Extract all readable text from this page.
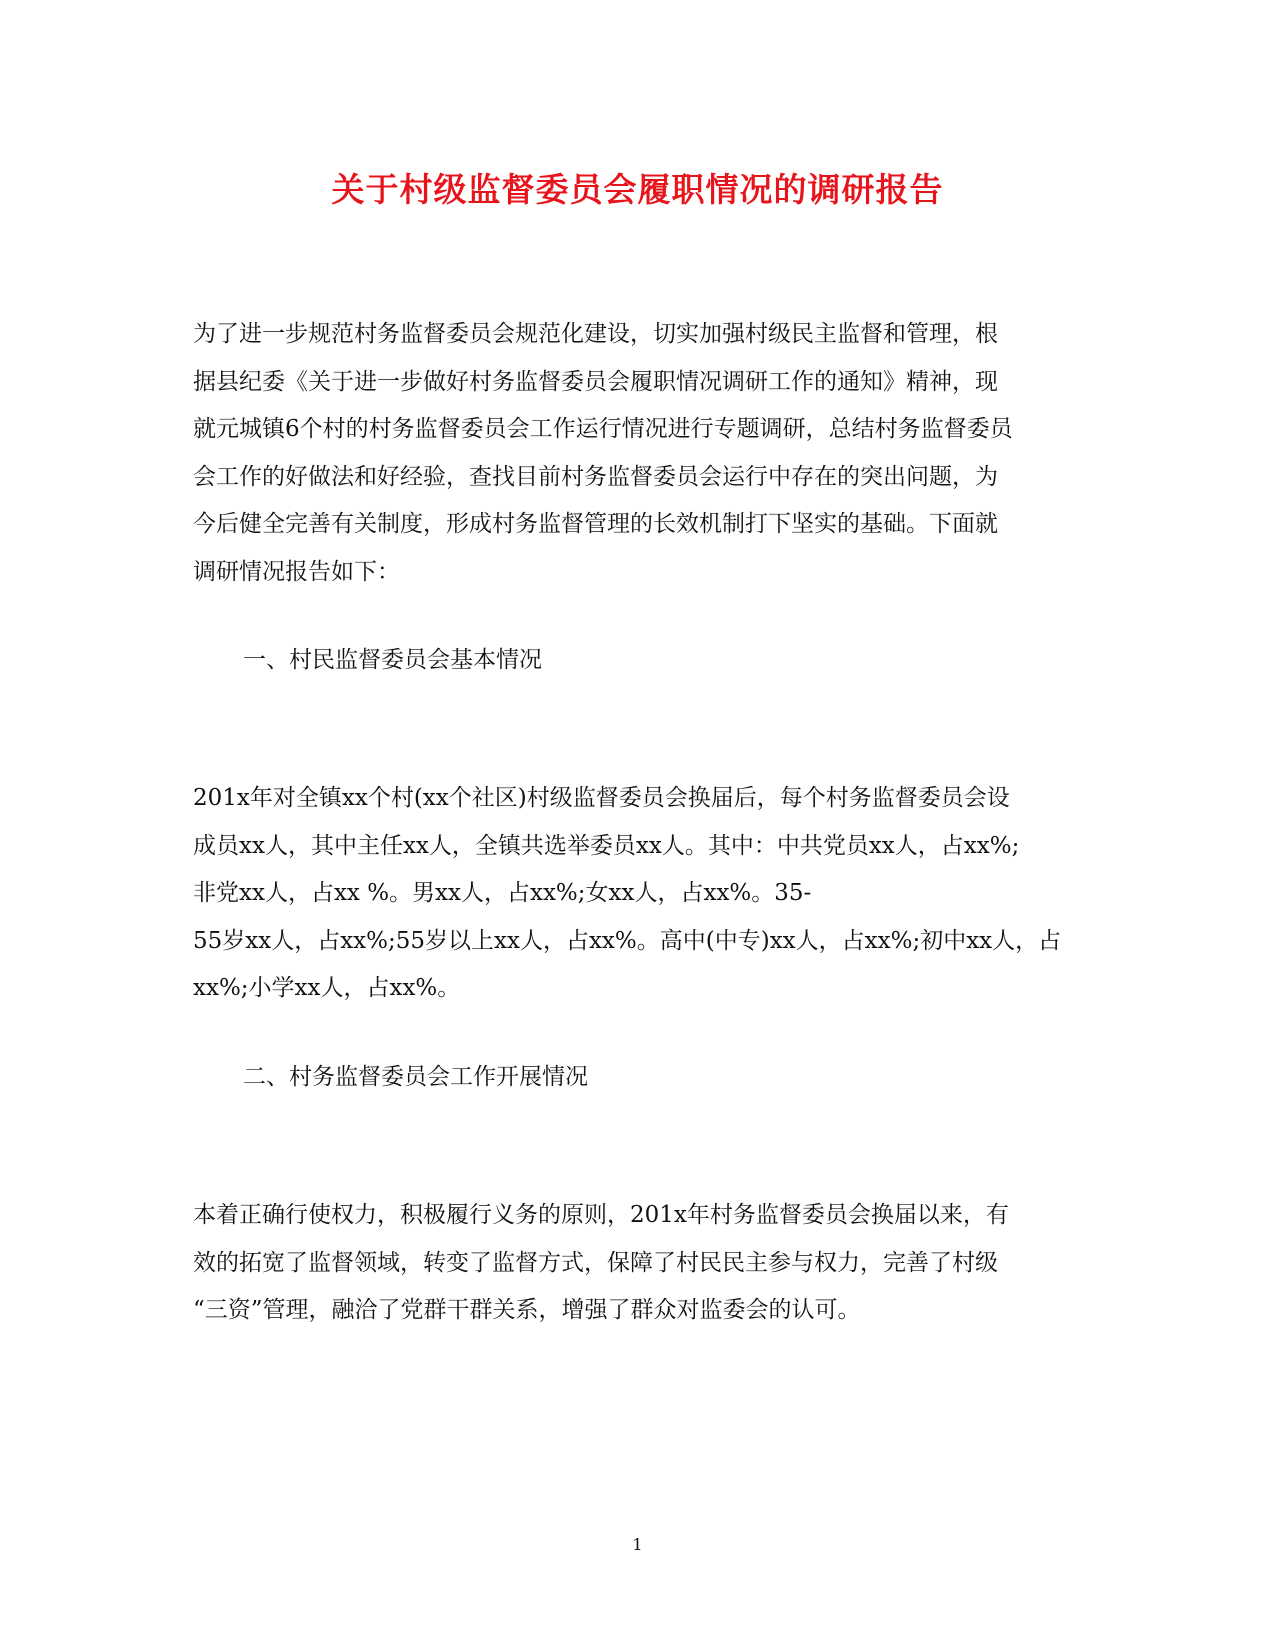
关于村级监督委员会履职情况的调研报告
为了进一步规范村务监督委员会规范化建设，切实加强村级民主监督和管理，根
据县纪委《关于进一步做好村务监督委员会履职情况调研工作的通知》精神，现
就元城镇6个村的村务监督委员会工作运行情况进行专题调研，总结村务监督委员
会工作的好做法和好经验，查找目前村务监督委员会运行中存在的突出问题，为
今后健全完善有关制度，形成村务监督管理的长效机制打下坚实的基础。下面就
调研情况报告如下：
一、村民监督委员会基本情况
201x年对全镇xx个村(xx个社区)村级监督委员会换届后，每个村务监督委员会设
成员xx人，其中主任xx人，全镇共选举委员xx人。其中：中共党员xx人，占xx%;
非党xx人，占xx %。男xx人，占xx%;女xx人，占xx%。35-
55岁xx人，占xx%;55岁以上xx人，占xx%。高中(中专)xx人，占xx%;初中xx人，占
xx%;小学xx人，占xx%。
二、村务监督委员会工作开展情况
本着正确行使权力，积极履行义务的原则，201x年村务监督委员会换届以来，有
效的拓宽了监督领域，转变了监督方式，保障了村民民主参与权力，完善了村级
“三资”管理，融洽了党群干群关系，增强了群众对监委会的认可。
1
